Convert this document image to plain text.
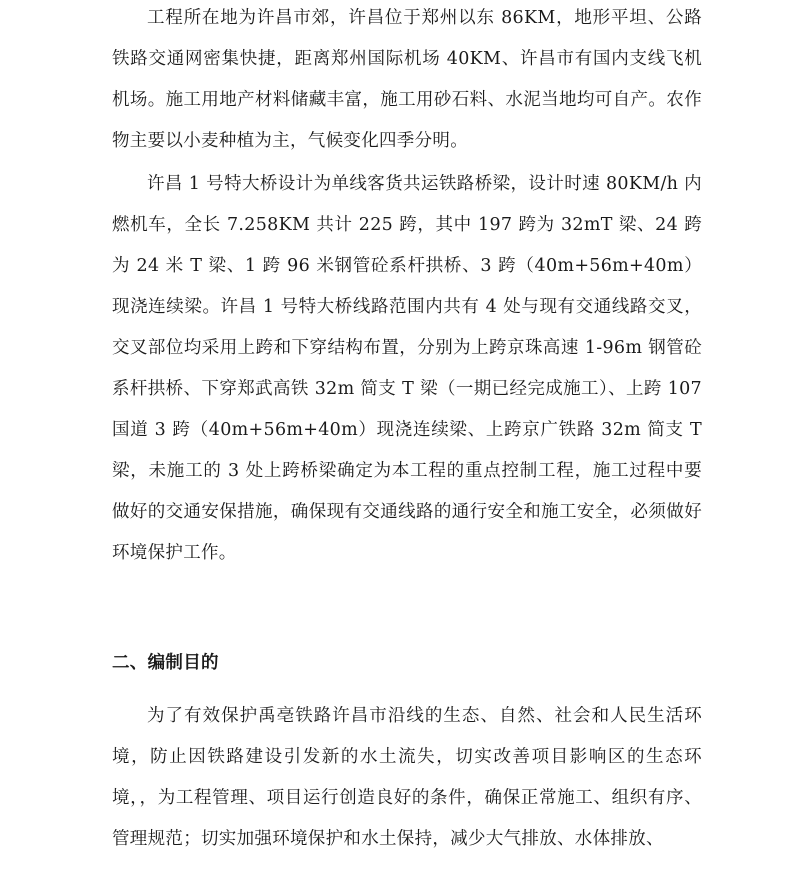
工程所在地为许昌市郊，许昌位于郑州以东 86KM，地形平坦、公路铁路交通网密集快捷，距离郑州国际机场 40KM、许昌市有国内支线飞机机场。施工用地产材料储藏丰富，施工用砂石料、水泥当地均可自产。农作物主要以小麦种植为主，气候变化四季分明。

许昌 1 号特大桥设计为单线客货共运铁路桥梁，设计时速 80KM/h 内燃机车，全长 7.258KM 共计 225 跨，其中 197 跨为 32mT 梁、24 跨为 24 米 T 梁、1 跨 96 米钢管砼系杆拱桥、3 跨（40m+56m+40m）现浇连续梁。许昌 1 号特大桥线路范围内共有 4 处与现有交通线路交叉，交叉部位均采用上跨和下穿结构布置，分别为上跨京珠高速 1-96m 钢管砼系杆拱桥、下穿郑武高铁 32m 简支 T 梁（一期已经完成施工）、上跨 107 国道 3 跨（40m+56m+40m）现浇连续梁、上跨京广铁路 32m 简支 T 梁，未施工的 3 处上跨桥梁确定为本工程的重点控制工程，施工过程中要做好的交通安保措施，确保现有交通线路的通行安全和施工安全，必须做好环境保护工作。

二、编制目的

为了有效保护禹亳铁路许昌市沿线的生态、自然、社会和人民生活环境，防止因铁路建设引发新的水土流失，切实改善项目影响区的生态环境，，为工程管理、项目运行创造良好的条件，确保正常施工、组织有序、管理规范；切实加强环境保护和水土保持，减少大气排放、水体排放、
